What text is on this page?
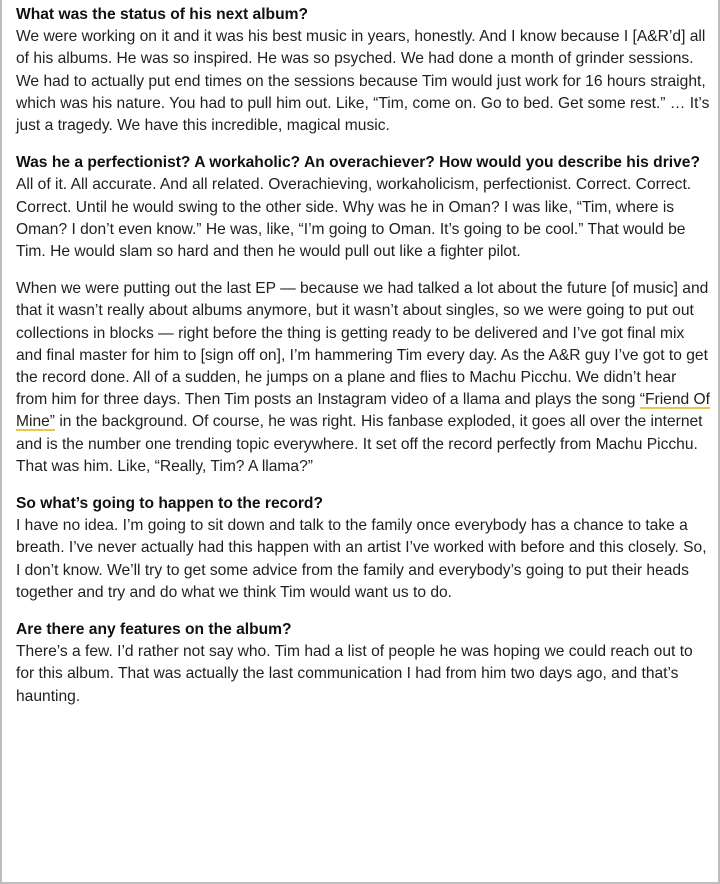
What was the status of his next album?

We were working on it and it was his best music in years, honestly. And I know because I [A&R’d] all of his albums. He was so inspired. He was so psyched. We had done a month of grinder sessions. We had to actually put end times on the sessions because Tim would just work for 16 hours straight, which was his nature. You had to pull him out. Like, “Tim, come on. Go to bed. Get some rest.” … It’s just a tragedy. We have this incredible, magical music.

Was he a perfectionist? A workaholic? An overachiever? How would you describe his drive?

All of it. All accurate. And all related. Overachieving, workaholicism, perfectionist. Correct. Correct. Correct. Until he would swing to the other side. Why was he in Oman? I was like, “Tim, where is Oman? I don’t even know.” He was, like, “I’m going to Oman. It’s going to be cool.” That would be Tim. He would slam so hard and then he would pull out like a fighter pilot.

When we were putting out the last EP — because we had talked a lot about the future [of music] and that it wasn’t really about albums anymore, but it wasn’t about singles, so we were going to put out collections in blocks — right before the thing is getting ready to be delivered and I’ve got final mix and final master for him to [sign off on], I’m hammering Tim every day. As the A&R guy I’ve got to get the record done. All of a sudden, he jumps on a plane and flies to Machu Picchu. We didn’t hear from him for three days. Then Tim posts an Instagram video of a llama and plays the song “Friend Of Mine” in the background. Of course, he was right. His fanbase exploded, it goes all over the internet and is the number one trending topic everywhere. It set off the record perfectly from Machu Picchu. That was him. Like, “Really, Tim? A llama?”

So what’s going to happen to the record?

I have no idea. I’m going to sit down and talk to the family once everybody has a chance to take a breath. I’ve never actually had this happen with an artist I’ve worked with before and this closely. So, I don’t know. We’ll try to get some advice from the family and everybody’s going to put their heads together and try and do what we think Tim would want us to do.

Are there any features on the album?

There’s a few. I’d rather not say who. Tim had a list of people he was hoping we could reach out to for this album. That was actually the last communication I had from him two days ago, and that’s haunting.
